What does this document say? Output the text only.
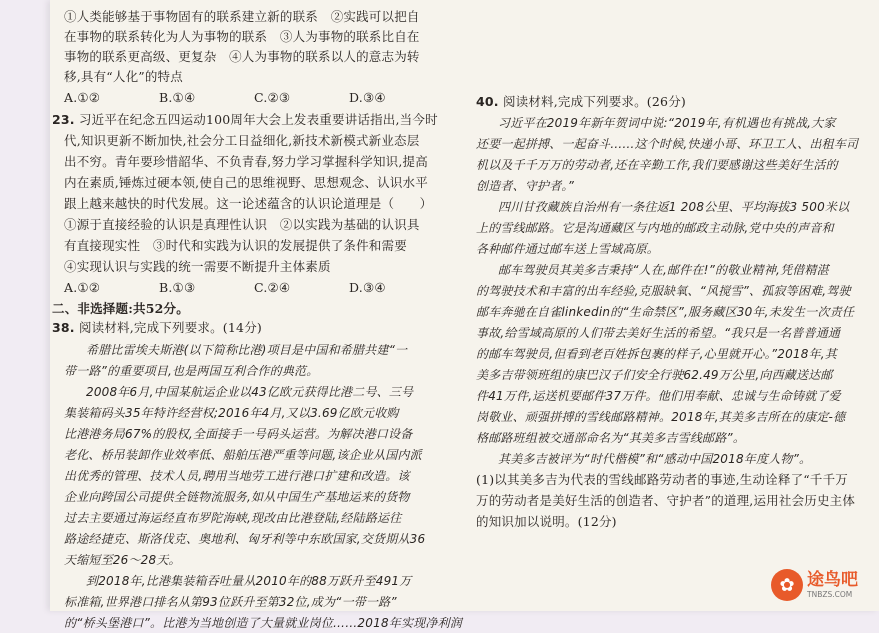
①人类能够基于事物固有的联系建立新的联系　②实践可以把自
在事物的联系转化为人为事物的联系　③人为事物的联系比自在
事物的联系更高级、更复杂　④人为事物的联系以人的意志为转
移,具有“人化”的特点
A.①②	B.①④	C.②③	D.③④
23. 习近平在纪念五四运动100周年大会上发表重要讲话指出,当今时
代,知识更新不断加快,社会分工日益细化,新技术新模式新业态层
出不穷。青年要珍惜韶华、不负青春,努力学习掌握科学知识,提高
内在素质,锤炼过硬本领,使自己的思维视野、思想观念、认识水平
跟上越来越快的时代发展。这一论述蕴含的认识论道理是（　　）
①源于直接经验的认识是真理性认识　②以实践为基础的认识具
有直接现实性　③时代和实践为认识的发展提供了条件和需要
④实现认识与实践的统一需要不断提升主体素质
A.①②	B.①③	C.②④	D.③④
二、非选择题:共52分。
38. 阅读材料,完成下列要求。(14分)
希腊比雷埃夫斯港(以下简称比港)项目是中国和希腊共建“一
带一路”的重要项目,也是两国互利合作的典范。
2008年6月,中国某航运企业以43亿欧元获得比港二号、三号
集装箱码头35年特许经营权;2016年4月,又以3.69亿欧元收购
比港港务局67%的股权,全面接手一号码头运营。为解决港口设备
老化、桥吊装卸作业效率低、船舶压港严重等问题,该企业从国内派
出优秀的管理、技术人员,聘用当地劳工进行港口扩建和改造。该
企业向跨国公司提供全链物流服务,如从中国生产基地运来的货物
过去主要通过海运经直布罗陀海峡,现改由比港登陆,经陆路运往
路途经捷克、斯洛伐克、奥地利、匈牙利等中东欧国家,交货期从36
天缩短至26～28天。
到2018年,比港集装箱吞吐量从2010年的88万跃升至491万
标准箱,世界港口排名从第93位跃升至第32位,成为“一带一路”
的“桥头堡港口”。比港为当地创造了大量就业岗位……2018年实现净利润
40. 阅读材料,完成下列要求。(26分)
习近平在2019年新年贺词中说:“2019年,有机遇也有挑战,大家
还要一起拼搏、一起奋斗……这个时候,快递小哥、环卫工人、出租车司
机以及千千万万的劳动者,还在辛勤工作,我们要感谢这些美好生活的
创造者、守护者。”
四川甘孜藏族自治州有一条往返1 208公里、平均海拔3 500米以
上的雪线邮路。它是沟通藏区与内地的邮政主动脉,党中央的声音和
各种邮件通过邮车送上雪域高原。
邮车驾驶员其美多吉秉持“人在,邮件在!”的敬业精神,凭借精湛
的驾驶技术和丰富的出车经验,克服缺氧、“风搅雪”、孤寂等困难,驾驶
邮车奔驰在自雀linkedin的“生命禁区”,服务藏区30年,未发生一次责任
事故,给雪域高原的人们带去美好生活的希望。“我只是一名普普通通
的邮车驾驶员,但看到老百姓拆包裹的样子,心里就开心。”2018年,其
美多吉带领班组的康巴汉子们安全行驶62.49万公里,向西藏送达邮
件41万件,运送机要邮件37万件。他们用奉献、忠诚与生命铸就了爱
岗敬业、顽强拼搏的雪线邮路精神。2018年,其美多吉所在的康定-德
格邮路班组被交通部命名为“其美多吉雪线邮路”。
其美多吉被评为“时代楷模”和“感动中国2018年度人物”。
(1)以其美多吉为代表的雪线邮路劳动者的事迹,生动诠释了“千千万
万的劳动者是美好生活的创造者、守护者”的道理,运用社会历史主体
的知识加以说明。(12分)
✿ 途鸟吧
TNBZS.COM
